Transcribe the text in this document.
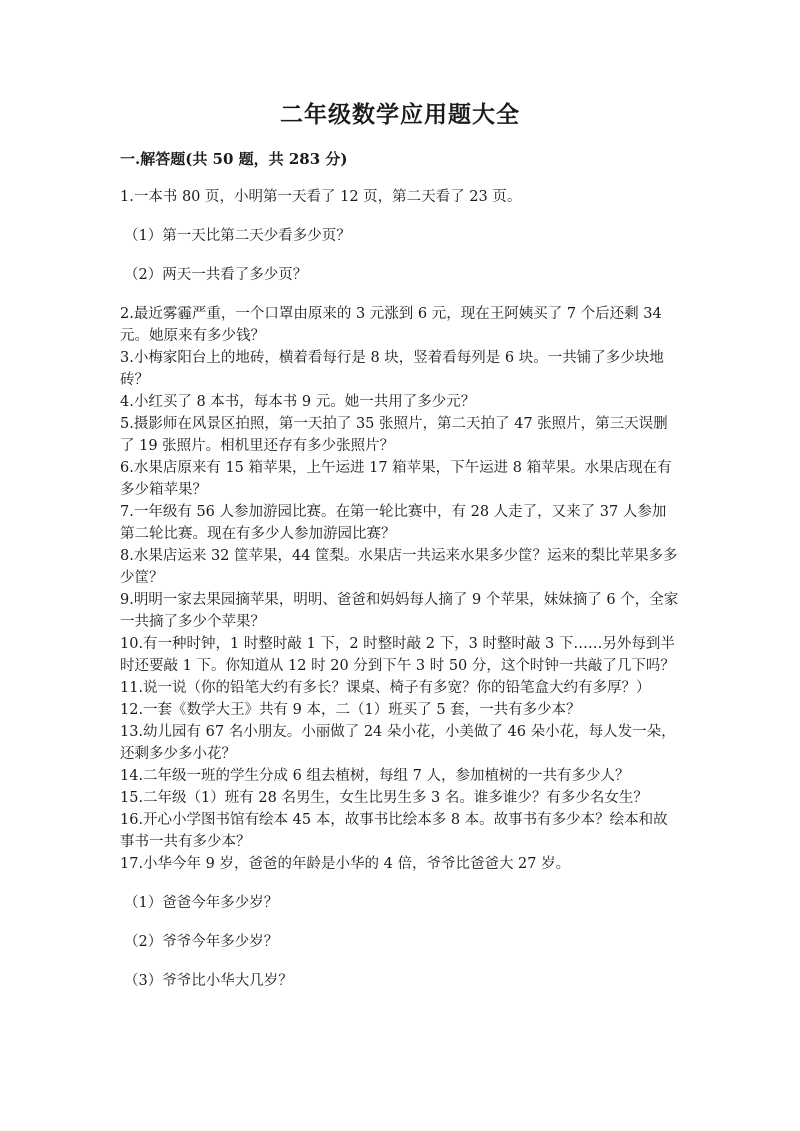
二年级数学应用题大全
一.解答题(共 50 题，共 283 分)

1.一本书 80 页，小明第一天看了 12 页，第二天看了 23 页。

（1）第一天比第二天少看多少页？

（2）两天一共看了多少页？

2.最近雾霾严重，一个口罩由原来的 3 元涨到 6 元，现在王阿姨买了 7 个后还剩 34 元。她原来有多少钱？

3.小梅家阳台上的地砖，横着看每行是 8 块，竖着看每列是 6 块。一共铺了多少块地砖？

4.小红买了 8 本书，每本书 9 元。她一共用了多少元？

5.摄影师在风景区拍照，第一天拍了 35 张照片，第二天拍了 47 张照片，第三天误删了 19 张照片。相机里还存有多少张照片？

6.水果店原来有 15 箱苹果，上午运进 17 箱苹果，下午运进 8 箱苹果。水果店现在有多少箱苹果？

7.一年级有 56 人参加游园比赛。在第一轮比赛中，有 28 人走了，又来了 37 人参加第二轮比赛。现在有多少人参加游园比赛？

8.水果店运来 32 筐苹果，44 筐梨。水果店一共运来水果多少筐？运来的梨比苹果多多少筐？

9.明明一家去果园摘苹果，明明、爸爸和妈妈每人摘了 9 个苹果，妹妹摘了 6 个，全家一共摘了多少个苹果？

10.有一种时钟，1 时整时敲 1 下，2 时整时敲 2 下，3 时整时敲 3 下……另外每到半时还要敲 1 下。你知道从 12 时 20 分到下午 3 时 50 分，这个时钟一共敲了几下吗？

11.说一说（你的铅笔大约有多长？课桌、椅子有多宽？你的铅笔盒大约有多厚？）

12.一套《数学大王》共有 9 本，二（1）班买了 5 套，一共有多少本？

13.幼儿园有 67 名小朋友。小丽做了 24 朵小花，小美做了 46 朵小花，每人发一朵，还剩多少多小花？

14.二年级一班的学生分成 6 组去植树，每组 7 人，参加植树的一共有多少人？

15.二年级（1）班有 28 名男生，女生比男生多 3 名。谁多谁少？有多少名女生？

16.开心小学图书馆有绘本 45 本，故事书比绘本多 8 本。故事书有多少本？绘本和故事书一共有多少本？

17.小华今年 9 岁，爸爸的年龄是小华的 4 倍，爷爷比爸爸大 27 岁。

（1）爸爸今年多少岁？

（2）爷爷今年多少岁？

（3）爷爷比小华大几岁？
